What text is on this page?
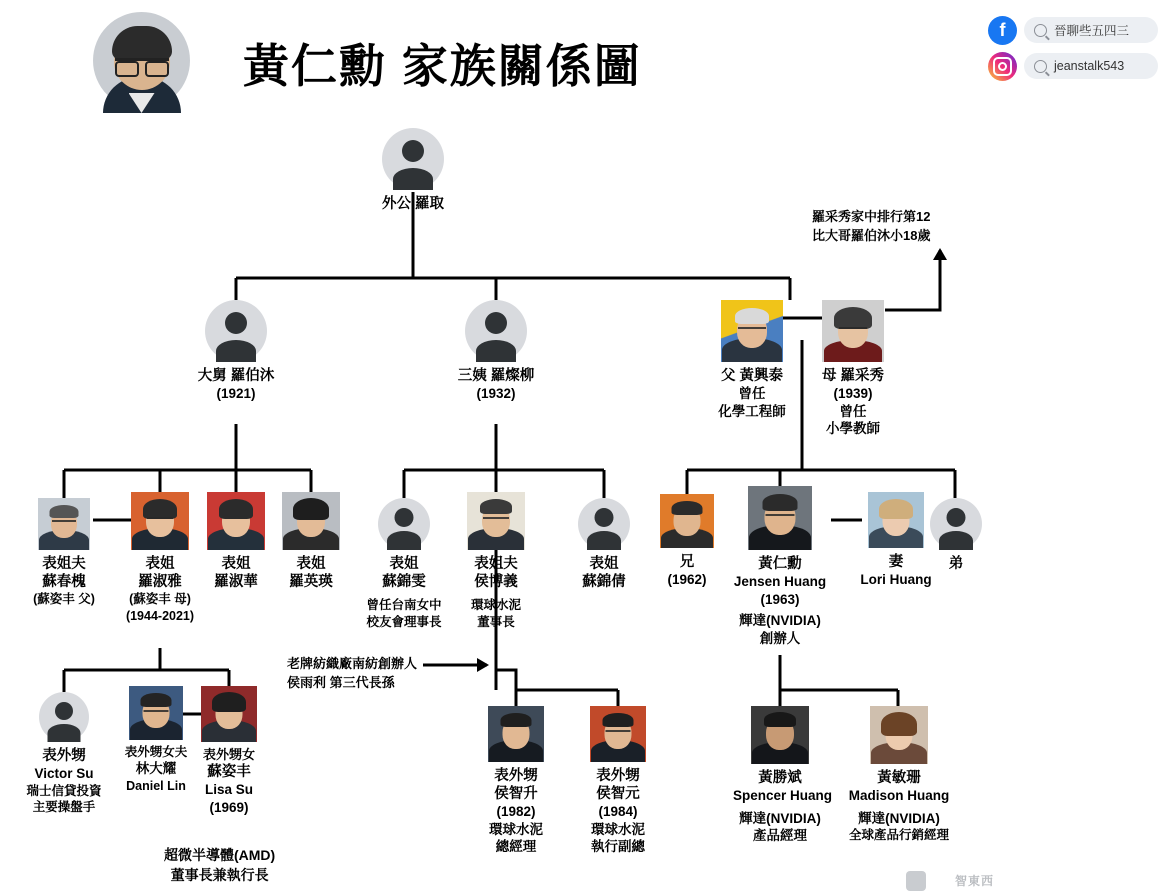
黃仁勳 家族關係圖
f	晉聊些五四三
jeanstalk543
外公 羅取
大舅 羅伯沐
(1921)
三姨 羅燦柳
(1932)
父 黃興泰
曾任
化學工程師
母 羅采秀
(1939)
曾任
小學教師
羅采秀家中排行第12
比大哥羅伯沐小18歲
表姐夫
蘇春槐
(蘇姿丰 父)
表姐
羅淑雅
(蘇姿丰 母)
(1944-2021)
表姐
羅淑華
表姐
羅英瑛
表姐
蘇錦雯
曾任台南女中
校友會理事長
表姐夫
侯博義
環球水泥
董事長
表姐
蘇錦倩
兄
(1962)
黃仁勳
Jensen Huang
(1963)
輝達(NVIDIA)
創辦人
妻
Lori Huang
弟
表外甥
Victor Su
瑞士信貸投資
主要操盤手
表外甥女夫
林大耀
Daniel Lin
表外甥女
蘇姿丰
Lisa Su
(1969)
超微半導體(AMD)
董事長兼執行長
老牌紡織廠南紡創辦人
侯雨利 第三代長孫
表外甥
侯智升
(1982)
環球水泥
總經理
表外甥
侯智元
(1984)
環球水泥
執行副總
黃勝斌
Spencer Huang
輝達(NVIDIA)
產品經理
黃敏珊
Madison Huang
輝達(NVIDIA)
全球產品行銷經理
智東西
